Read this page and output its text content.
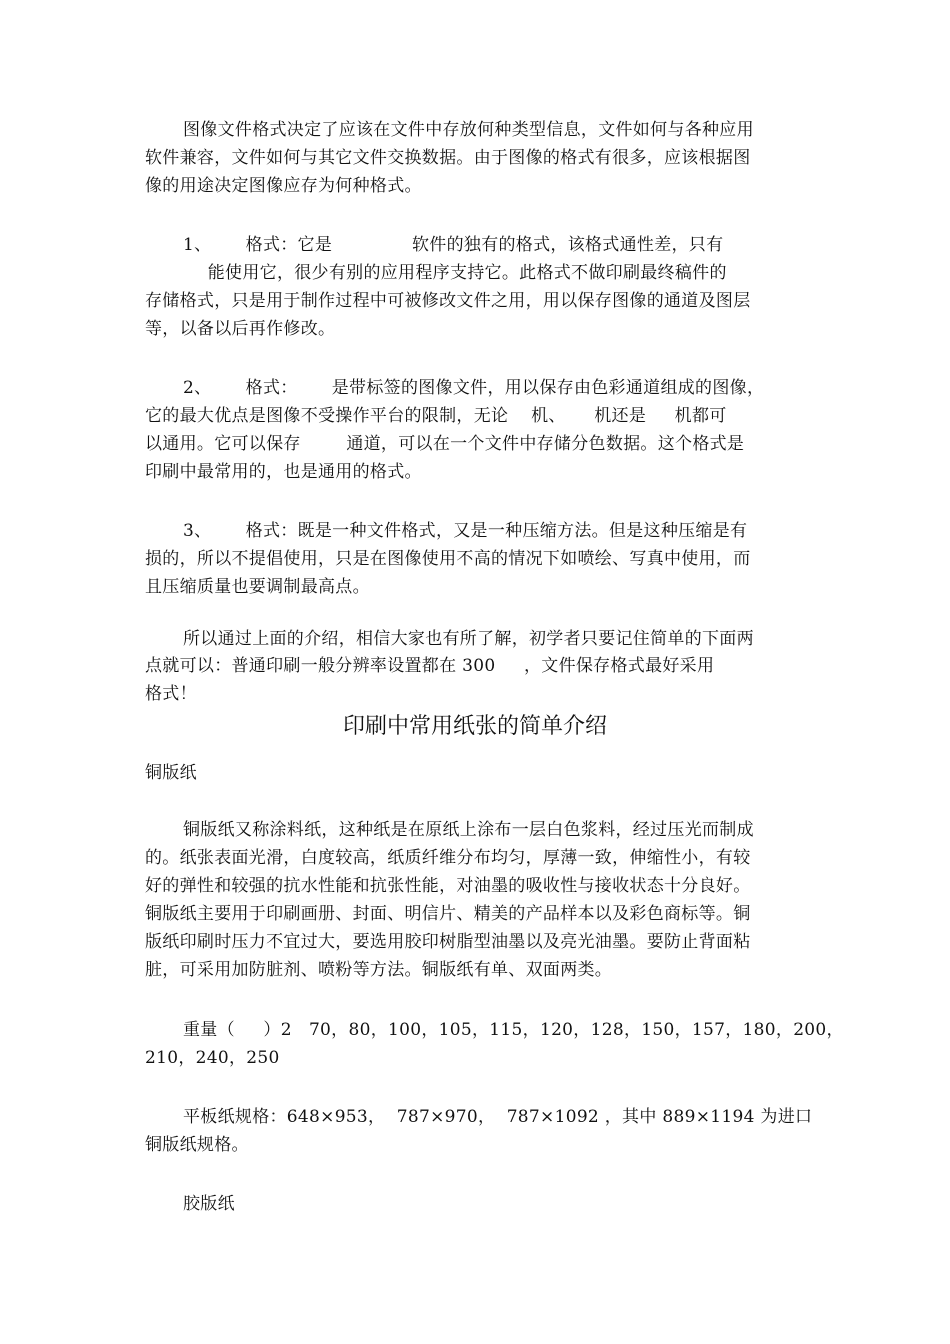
图像文件格式决定了应该在文件中存放何种类型信息，文件如何与各种应用
软件兼容，文件如何与其它文件交换数据。由于图像的格式有很多，应该根据图
像的用途决定图像应存为何种格式。
1、      格式：它是              软件的独有的格式，该格式通性差，只有
能使用它，很少有别的应用程序支持它。此格式不做印刷最终稿件的
存储格式，只是用于制作过程中可被修改文件之用，用以保存图像的通道及图层
等，以备以后再作修改。
2、      格式：      是带标签的图像文件，用以保存由色彩通道组成的图像，
它的最大优点是图像不受操作平台的限制，无论    机、     机还是     机都可
以通用。它可以保存        通道，可以在一个文件中存储分色数据。这个格式是
印刷中最常用的，也是通用的格式。
3、      格式：既是一种文件格式，又是一种压缩方法。但是这种压缩是有
损的，所以不提倡使用，只是在图像使用不高的情况下如喷绘、写真中使用，而
且压缩质量也要调制最高点。
所以通过上面的介绍，相信大家也有所了解，初学者只要记住简单的下面两
点就可以：普通印刷一般分辨率设置都在 300     ，文件保存格式最好采用
格式！
印刷中常用纸张的简单介绍
铜版纸
铜版纸又称涂料纸，这种纸是在原纸上涂布一层白色浆料，经过压光而制成
的。纸张表面光滑，白度较高，纸质纤维分布均匀，厚薄一致，伸缩性小，有较
好的弹性和较强的抗水性能和抗张性能，对油墨的吸收性与接收状态十分良好。
铜版纸主要用于印刷画册、封面、明信片、精美的产品样本以及彩色商标等。铜
版纸印刷时压力不宜过大，要选用胶印树脂型油墨以及亮光油墨。要防止背面粘
脏，可采用加防脏剂、喷粉等方法。铜版纸有单、双面两类。
重量（     ）2   70，80，100，105，115，120，128，150，157，180，200，
210，240，250
平板纸规格：648×953，  787×970，  787×1092 ，其中 889×1194 为进口
铜版纸规格。
胶版纸
